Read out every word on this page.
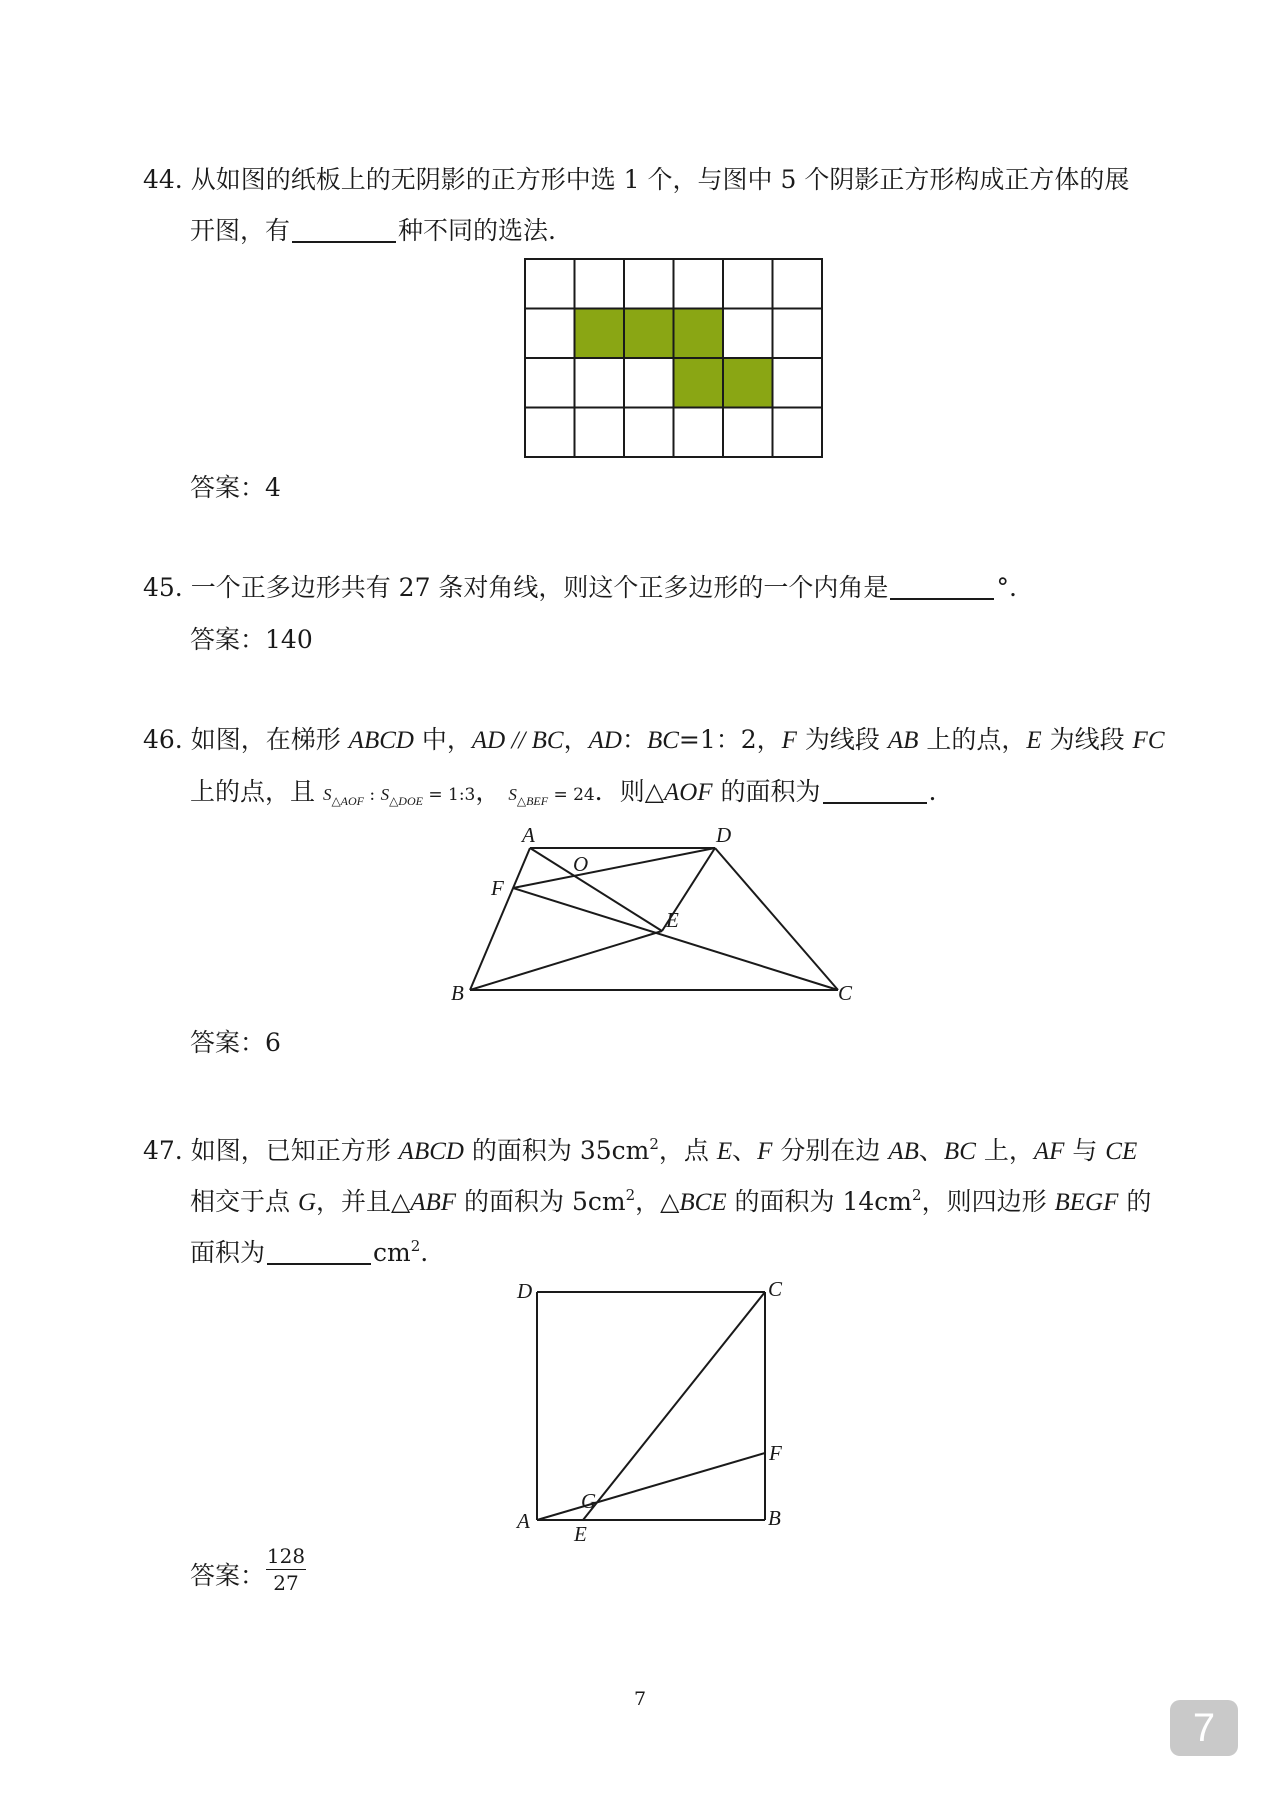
44. 从如图的纸板上的无阴影的正方形中选 1 个，与图中 5 个阴影正方形构成正方体的展
开图，有	种不同的选法.
答案：4
45. 一个正多边形共有 27 条对角线，则这个正多边形的一个内角是	°.
答案：140
46. 如图，在梯形 ABCD 中，AD // BC，AD：BC=1：2，F 为线段 AB 上的点，E 为线段 FC
上的点，且 $S_{\triangle AOF}$ : $S_{\triangle DOE}$ = 1:3， $S_{\triangle BEF} = 24$．则△AOF 的面积为	.
A	D
O
F
E
B	C
答案：6
47. 如图，已知正方形 ABCD 的面积为 $35cm^2$，点 E、F 分别在边 AB、BC 上，AF 与 CE
相交于点 G，并且△ABF 的面积为 $5cm^2$，△BCE 的面积为 $14cm^2$，则四边形 BEGF 的
面积为	$cm^2$.
D	C
F
G
A
E
B
答案：
128
27
7
7
